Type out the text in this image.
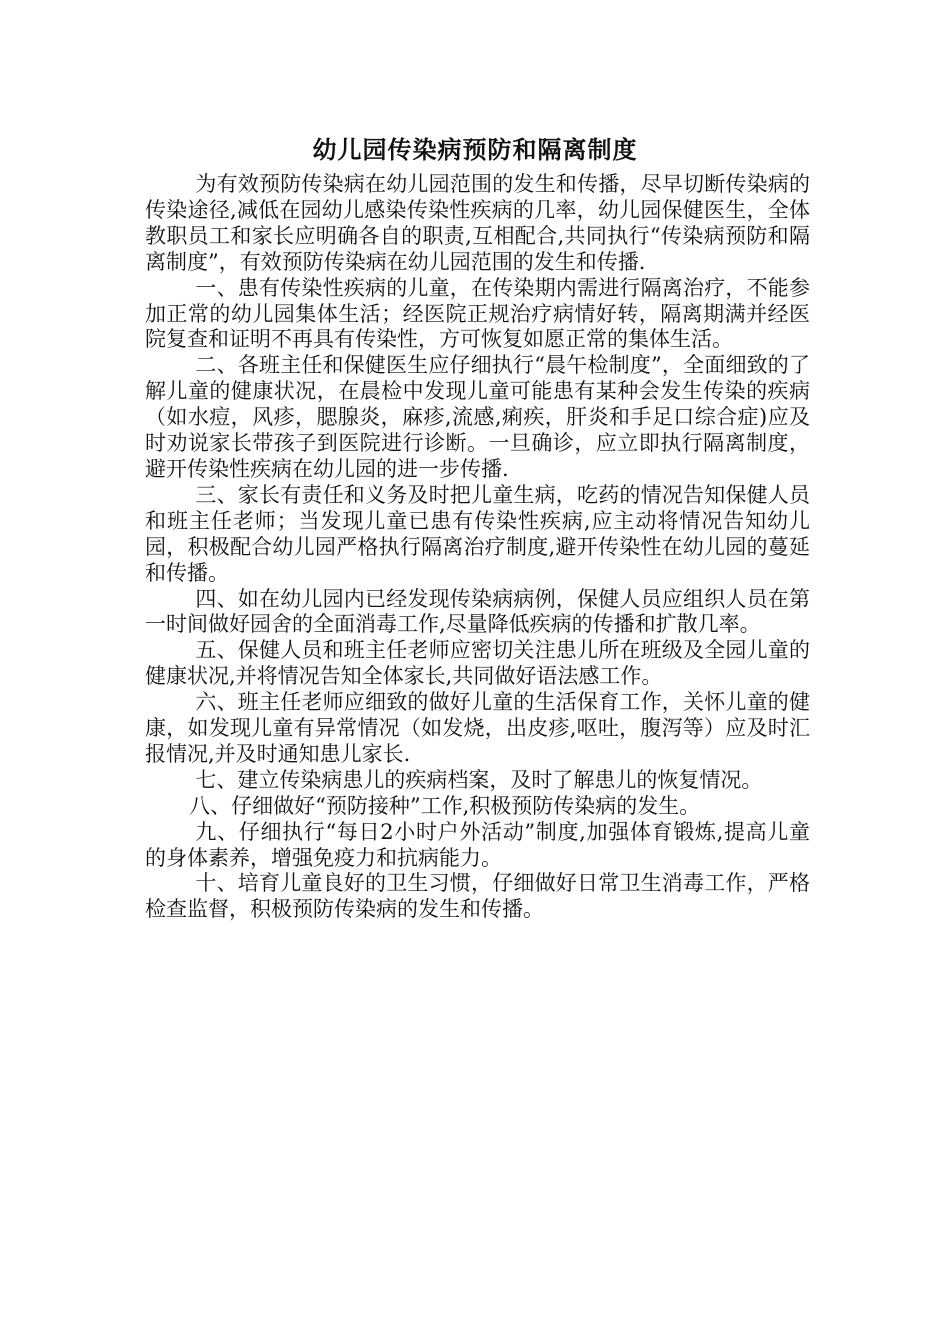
幼儿园传染病预防和隔离制度

为有效预防传染病在幼儿园范围的发生和传播，尽早切断传染病的传染途径,减低在园幼儿感染传染性疾病的几率，幼儿园保健医生，全体教职员工和家长应明确各自的职责,互相配合,共同执行“传染病预防和隔离制度”，有效预防传染病在幼儿园范围的发生和传播.

一、患有传染性疾病的儿童，在传染期内需进行隔离治疗，不能参加正常的幼儿园集体生活；经医院正规治疗病情好转，隔离期满并经医院复查和证明不再具有传染性，方可恢复如愿正常的集体生活。

二、各班主任和保健医生应仔细执行“晨午检制度”，全面细致的了解儿童的健康状况，在晨检中发现儿童可能患有某种会发生传染的疾病（如水痘，风疹，腮腺炎，麻疹,流感,痢疾，肝炎和手足口综合症)应及时劝说家长带孩子到医院进行诊断。一旦确诊，应立即执行隔离制度，避开传染性疾病在幼儿园的进一步传播.

三、家长有责任和义务及时把儿童生病，吃药的情况告知保健人员和班主任老师；当发现儿童已患有传染性疾病,应主动将情况告知幼儿园，积极配合幼儿园严格执行隔离治疗制度,避开传染性在幼儿园的蔓延和传播。

四、如在幼儿园内已经发现传染病病例，保健人员应组织人员在第一时间做好园舍的全面消毒工作,尽量降低疾病的传播和扩散几率。

五、保健人员和班主任老师应密切关注患儿所在班级及全园儿童的健康状况,并将情况告知全体家长,共同做好语法感工作。

六、班主任老师应细致的做好儿童的生活保育工作，关怀儿童的健康，如发现儿童有异常情况（如发烧，出皮疹,呕吐，腹泻等）应及时汇报情况,并及时通知患儿家长.

七、建立传染病患儿的疾病档案，及时了解患儿的恢复情况。

八、仔细做好“预防接种”工作,积极预防传染病的发生。

九、仔细执行“每日2小时户外活动”制度,加强体育锻炼,提高儿童的身体素养，增强免疫力和抗病能力。

十、培育儿童良好的卫生习惯，仔细做好日常卫生消毒工作，严格检查监督，积极预防传染病的发生和传播。
